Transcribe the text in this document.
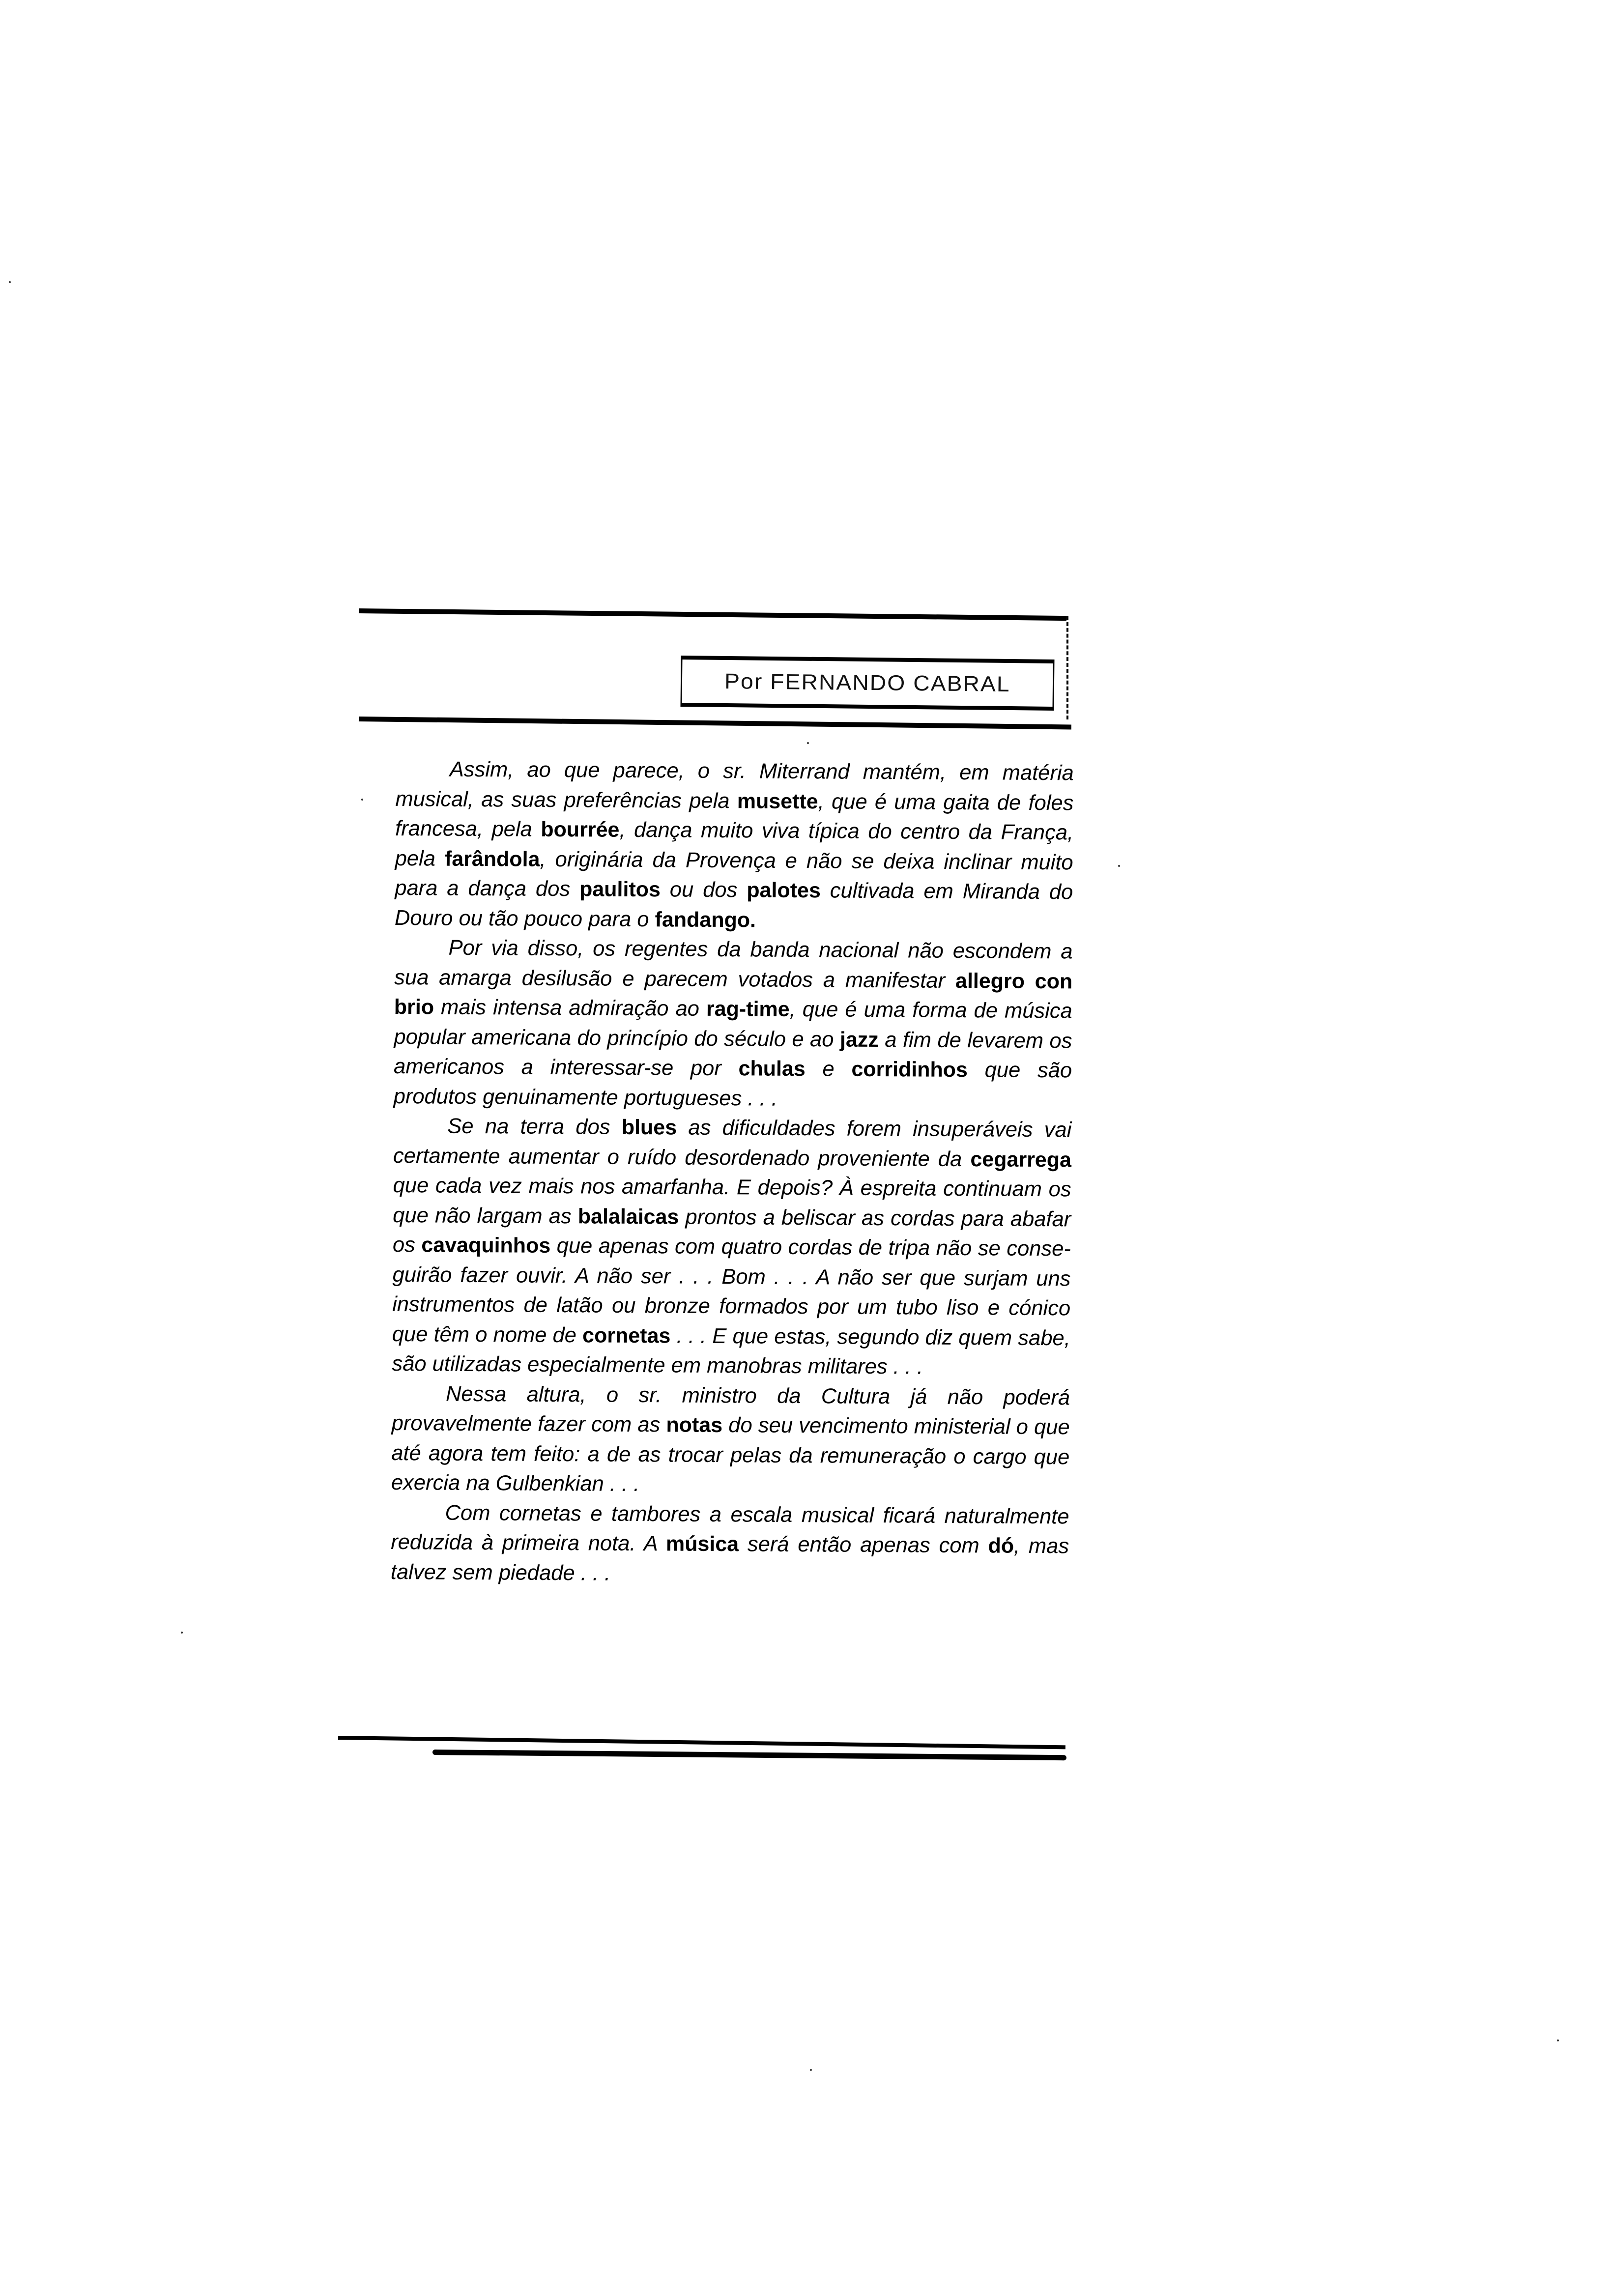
Por FERNANDO CABRAL

Assim, ao que parece, o sr. Miterrand mantém, em matéria musical, as suas preferências pela musette, que é uma gaita de foles francesa, pela bourrée, dança muito viva típica do centro da França, pela farândola, originária da Provença e não se deixa inclinar muito para a dança dos paulitos ou dos palotes cultivada em Miranda do Douro ou tão pouco para o fandango.

Por via disso, os regentes da banda nacional não escondem a sua amarga desilusão e parecem votados a manifestar allegro con brio mais intensa admiração ao rag-time, que é uma forma de música popular americana do princípio do século e ao jazz a fim de levarem os americanos a interessar-se por chulas e corridinhos que são produtos genuinamente portugueses . . .

Se na terra dos blues as dificuldades forem insuperáveis vai certamente aumentar o ruído desordenado proveniente da cegarrega que cada vez mais nos amarfanha. E depois? À espreita continuam os que não largam as balalaicas prontos a beliscar as cordas para abafar os cavaquinhos que apenas com quatro cordas de tripa não se conseguirão fazer ouvir. A não ser . . . Bom . . . A não ser que surjam uns instrumentos de latão ou bronze formados por um tubo liso e cónico que têm o nome de cornetas . . . E que estas, segundo diz quem sabe, são utilizadas especialmente em manobras militares . . .

Nessa altura, o sr. ministro da Cultura já não poderá provavelmente fazer com as notas do seu vencimento ministerial o que até agora tem feito: a de as trocar pelas da remuneração o cargo que exercia na Gulbenkian . . .

Com cornetas e tambores a escala musical ficará naturalmente reduzida à primeira nota. A música será então apenas com dó, mas talvez sem piedade . . .
